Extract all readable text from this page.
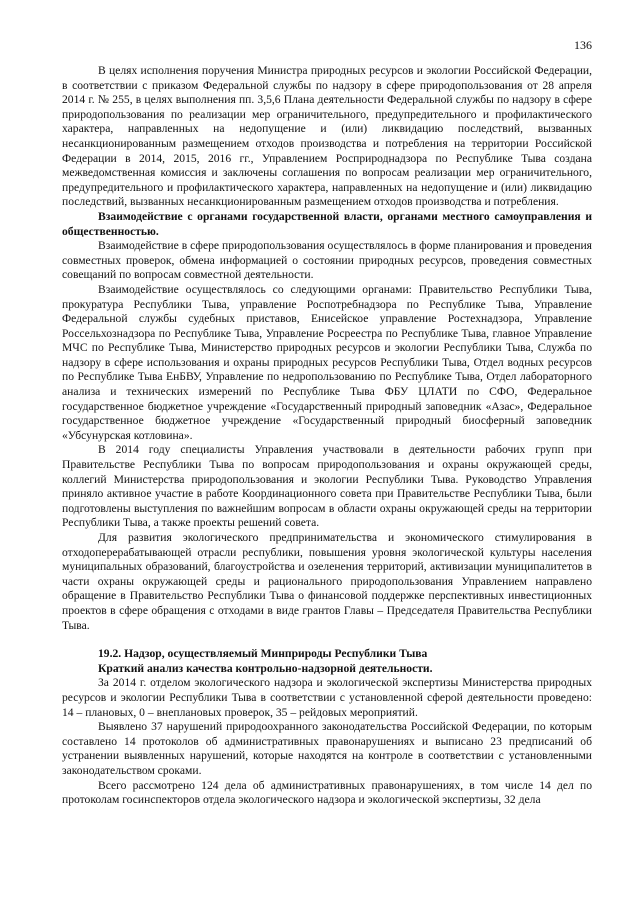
136

В целях исполнения поручения Министра природных ресурсов и экологии Российской Федерации, в соответствии с приказом Федеральной службы по надзору в сфере природопользования от 28 апреля 2014 г. № 255, в целях выполнения пп. 3,5,6 Плана деятельности Федеральной службы по надзору в сфере природопользования по реализации мер ограничительного, предупредительного и профилактического характера, направленных на недопущение и (или) ликвидацию последствий, вызванных несанкционированным размещением отходов производства и потребления на территории Российской Федерации в 2014, 2015, 2016 гг., Управлением Росприроднадзора по Республике Тыва создана межведомственная комиссия и заключены соглашения по вопросам реализации мер ограничительного, предупредительного и профилактического характера, направленных на недопущение и (или) ликвидацию последствий, вызванных несанкционированным размещением отходов производства и потребления.

Взаимодействие с органами государственной власти, органами местного самоуправления и общественностью.

Взаимодействие в сфере природопользования осуществлялось в форме планирования и проведения совместных проверок, обмена информацией о состоянии природных ресурсов, проведения совместных совещаний по вопросам совместной деятельности.

Взаимодействие осуществлялось со следующими органами: Правительство Республики Тыва, прокуратура Республики Тыва, управление Роспотребнадзора по Республике Тыва, Управление Федеральной службы судебных приставов, Енисейское управление Ростехнадзора, Управление Россельхознадзора по Республике Тыва, Управление Росреестра по Республике Тыва, главное Управление МЧС по Республике Тыва, Министерство природных ресурсов и экологии Республики Тыва, Служба по надзору в сфере использования и охраны природных ресурсов Республики Тыва, Отдел водных ресурсов по Республике Тыва ЕнБВУ, Управление по недропользованию по Республике Тыва, Отдел лабораторного анализа и технических измерений по Республике Тыва ФБУ ЦЛАТИ по СФО, Федеральное государственное бюджетное учреждение «Государственный природный заповедник «Азас», Федеральное государственное бюджетное учреждение «Государственный природный биосферный заповедник «Убсунурская котловина».

В 2014 году специалисты Управления участвовали в деятельности рабочих групп при Правительстве Республики Тыва по вопросам природопользования и охраны окружающей среды, коллегий Министерства природопользования и экологии Республики Тыва. Руководство Управления приняло активное участие в работе Координационного совета при Правительстве Республики Тыва, были подготовлены выступления по важнейшим вопросам в области охраны окружающей среды на территории Республики Тыва, а также проекты решений совета.

Для развития экологического предпринимательства и экономического стимулирования в отходоперерабатывающей отрасли республики, повышения уровня экологической культуры населения муниципальных образований, благоустройства и озеленения территорий, активизации муниципалитетов в части охраны окружающей среды и рационального природопользования Управлением направлено обращение в Правительство Республики Тыва о финансовой поддержке перспективных инвестиционных проектов в сфере обращения с отходами в виде грантов Главы – Председателя Правительства Республики Тыва.

19.2. Надзор, осуществляемый Минприроды Республики Тыва

Краткий анализ качества контрольно-надзорной деятельности.

За 2014 г. отделом экологического надзора и экологической экспертизы Министерства природных ресурсов и экологии Республики Тыва в соответствии с установленной сферой деятельности проведено: 14 – плановых, 0 – внеплановых проверок, 35 – рейдовых мероприятий.

Выявлено 37 нарушений природоохранного законодательства Российской Федерации, по которым составлено 14 протоколов об административных правонарушениях и выписано 23 предписаний об устранении выявленных нарушений, которые находятся на контроле в соответствии с установленными законодательством сроками.

Всего рассмотрено 124 дела об административных правонарушениях, в том числе 14 дел по протоколам госинспекторов отдела экологического надзора и экологической экспертизы, 32 дела
